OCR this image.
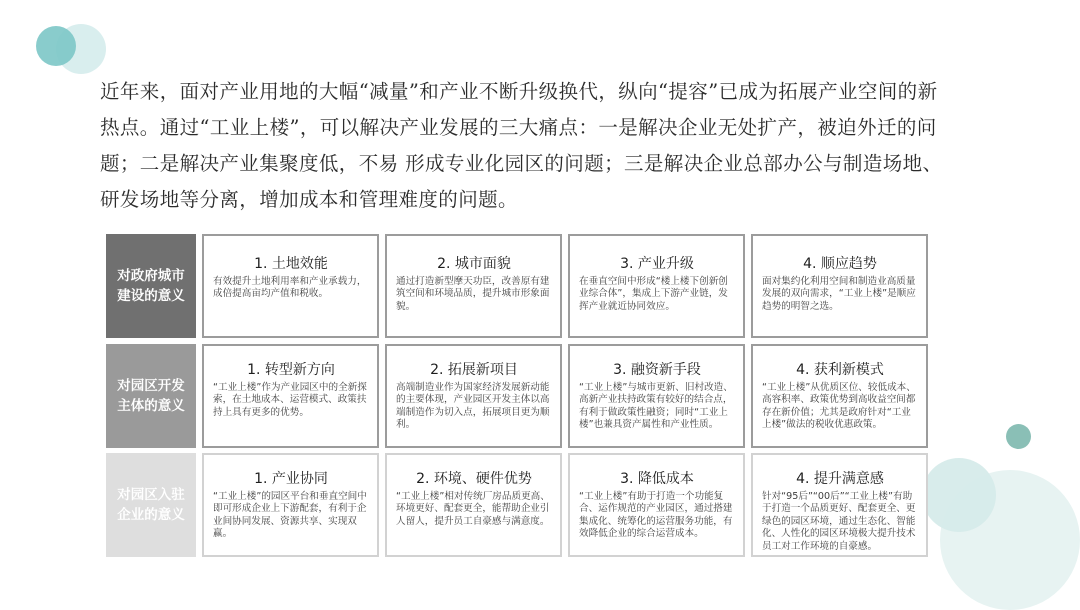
近年来，面对产业用地的大幅“减量”和产业不断升级换代，纵向“提容”已成为拓展产业空间的新热点。通过“工业上楼”，可以解决产业发展的三大痛点：一是解决企业无处扩产，被迫外迁的问题；二是解决产业集聚度低，不易 形成专业化园区的问题；三是解决企业总部办公与制造场地、研发场地等分离，增加成本和管理难度的问题。
对政府城市建设的意义
1. 土地效能
有效提升土地利用率和产业承载力，成倍提高亩均产值和税收。
2. 城市面貌
通过打造新型摩天功臣，改善原有建筑空间和环境品质，提升城市形象面貌。
3. 产业升级
在垂直空间中形成“楼上楼下创新创业综合体”，集成上下游产业链，发挥产业就近协同效应。
4. 顺应趋势
面对集约化利用空间和制造业高质量发展的双向需求，“工业上楼”是顺应趋势的明智之选。
对园区开发主体的意义
1. 转型新方向
“工业上楼”作为产业园区中的全新探索，在土地成本、运营模式、政策扶持上具有更多的优势。
2. 拓展新项目
高端制造业作为国家经济发展新动能的主要体现，产业园区开发主体以高端制造作为切入点，拓展项目更为顺利。
3. 融资新手段
“工业上楼”与城市更新、旧村改造、高新产业扶持政策有较好的结合点，有利于做政策性融资；同时“工业上楼”也兼具资产属性和产业性质。
4. 获利新模式
“工业上楼”从优质区位、较低成本、高容积率、政策优势到高收益空间都存在新价值；尤其是政府针对“工业上楼”做法的税收优惠政策。
对园区入驻企业的意义
1. 产业协同
“工业上楼”的园区平台和垂直空间中即可形成企业上下游配套，有利于企业间协同发展、资源共享、实现双赢。
2. 环境、硬件优势
“工业上楼”相对传统厂房品质更高、环境更好、配套更全，能帮助企业引人留人，提升员工自豪感与满意度。
3. 降低成本
“工业上楼”有助于打造一个功能复合、运作规范的产业园区，通过搭建集成化、统筹化的运营服务功能，有效降低企业的综合运营成本。
4. 提升满意感
针对“95后”“00后”“工业上楼”有助于打造一个品质更好、配套更全、更绿色的园区环境，通过生态化、智能化、人性化的园区环境极大提升技术员工对工作环境的自豪感。
